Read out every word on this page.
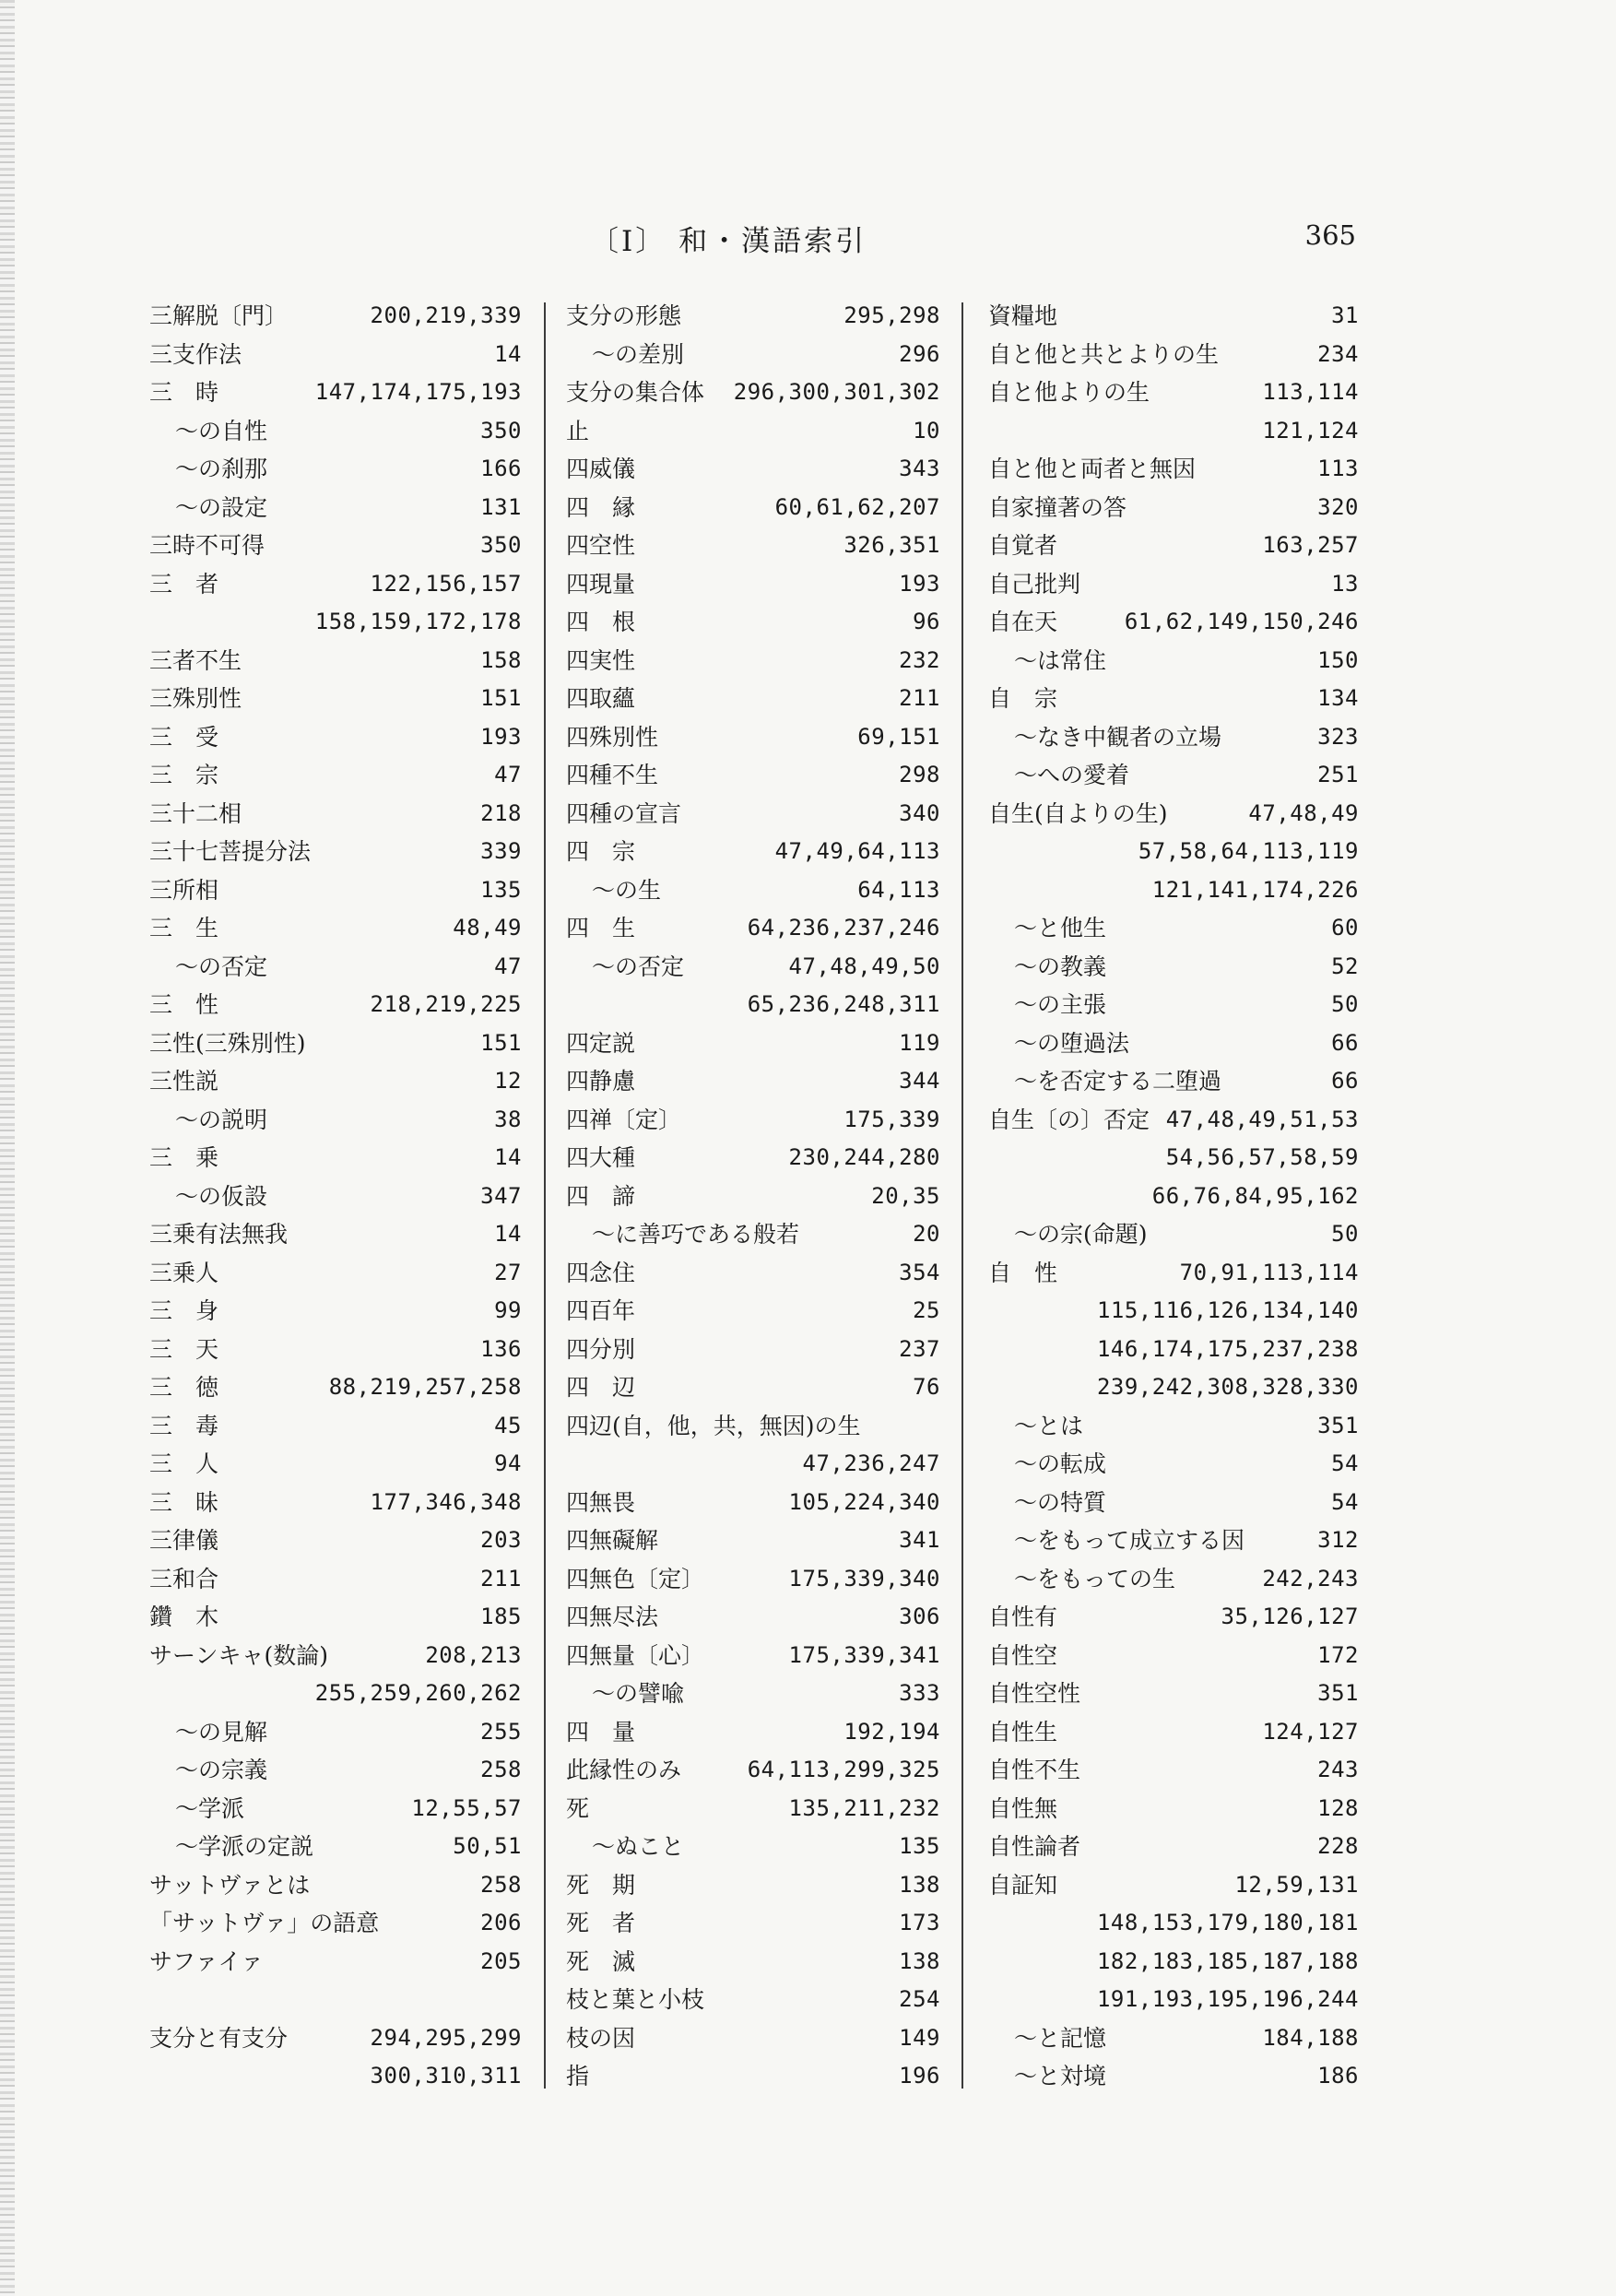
〔I〕 和・漢語索引	365
三解脱〔門〕	200,219,339
三支作法	14
三　時	147,174,175,193
～の自性	350
～の刹那	166
～の設定	131
三時不可得	350
三　者	122,156,157
158,159,172,178
三者不生	158
三殊別性	151
三　受	193
三　宗	47
三十二相	218
三十七菩提分法	339
三所相	135
三　生	48,49
～の否定	47
三　性	218,219,225
三性(三殊別性)	151
三性説	12
～の説明	38
三　乗	14
～の仮設	347
三乗有法無我	14
三乗人	27
三　身	99
三　天	136
三　徳	88,219,257,258
三　毒	45
三　人	94
三　昧	177,346,348
三律儀	203
三和合	211
鑽　木	185
サーンキャ(数論)	208,213
255,259,260,262
～の見解	255
～の宗義	258
～学派	12,55,57
～学派の定説	50,51
サットヴァとは	258
「サットヴァ」の語意	206
サファイァ	205
支分と有支分	294,295,299
300,310,311
支分の形態	295,298
～の差別	296
支分の集合体 296,300,301,302
止	10
四威儀	343
四　縁	60,61,62,207
四空性	326,351
四現量	193
四　根	96
四実性	232
四取蘊	211
四殊別性	69,151
四種不生	298
四種の宣言	340
四　宗	47,49,64,113
～の生	64,113
四　生	64,236,237,246
～の否定	47,48,49,50
65,236,248,311
四定説	119
四静慮	344
四禅〔定〕	175,339
四大種	230,244,280
四　諦	20,35
～に善巧である般若	20
四念住	354
四百年	25
四分別	237
四　辺	76
四辺(自，他，共，無因)の生
47,236,247
四無畏	105,224,340
四無礙解	341
四無色〔定〕	175,339,340
四無尽法	306
四無量〔心〕	175,339,341
～の譬喩	333
四　量	192,194
此縁性のみ	64,113,299,325
死	135,211,232
～ぬこと	135
死　期	138
死　者	173
死　滅	138
枝と葉と小枝	254
枝の因	149
指	196
資糧地	31
自と他と共とよりの生	234
自と他よりの生	113,114
121,124
自と他と両者と無因	113
自家撞著の答	320
自覚者	163,257
自己批判	13
自在天	61,62,149,150,246
～は常住	150
自　宗	134
～なき中観者の立場	323
～への愛着	251
自生(自よりの生)	47,48,49
57,58,64,113,119
121,141,174,226
～と他生	60
～の教義	52
～の主張	50
～の堕過法	66
～を否定する二堕過	66
自生〔の〕否定 47,48,49,51,53
54,56,57,58,59
66,76,84,95,162
～の宗(命題)	50
自　性	70,91,113,114
115,116,126,134,140
146,174,175,237,238
239,242,308,328,330
～とは	351
～の転成	54
～の特質	54
～をもって成立する因	312
～をもっての生	242,243
自性有	35,126,127
自性空	172
自性空性	351
自性生	124,127
自性不生	243
自性無	128
自性論者	228
自証知	12,59,131
148,153,179,180,181
182,183,185,187,188
191,193,195,196,244
～と記憶	184,188
～と対境	186
